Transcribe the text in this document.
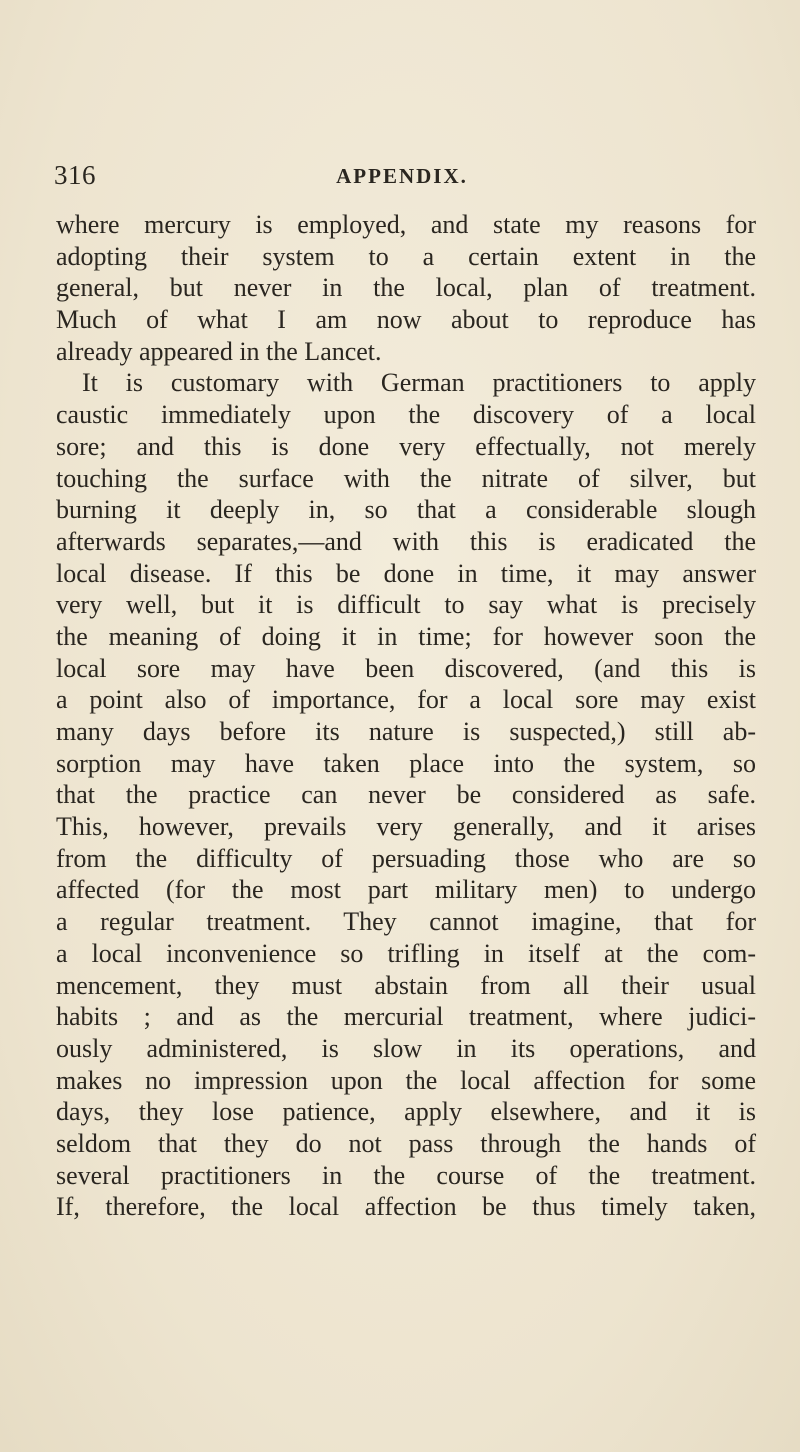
316	APPENDIX.
where mercury is employed, and state my reasons for
adopting their system to a certain extent in the
general, but never in the local, plan of treatment.
Much of what I am now about to reproduce has
already appeared in the Lancet.
It is customary with German practitioners to apply
caustic immediately upon the discovery of a local
sore; and this is done very effectually, not merely
touching the surface with the nitrate of silver, but
burning it deeply in, so that a considerable slough
afterwards separates,—and with this is eradicated the
local disease. If this be done in time, it may answer
very well, but it is difficult to say what is precisely
the meaning of doing it in time; for however soon the
local sore may have been discovered, (and this is
a point also of importance, for a local sore may exist
many days before its nature is suspected,) still ab-
sorption may have taken place into the system, so
that the practice can never be considered as safe.
This, however, prevails very generally, and it arises
from the difficulty of persuading those who are so
affected (for the most part military men) to undergo
a regular treatment. They cannot imagine, that for
a local inconvenience so trifling in itself at the com-
mencement, they must abstain from all their usual
habits ; and as the mercurial treatment, where judici-
ously administered, is slow in its operations, and
makes no impression upon the local affection for some
days, they lose patience, apply elsewhere, and it is
seldom that they do not pass through the hands of
several practitioners in the course of the treatment.
If, therefore, the local affection be thus timely taken,
